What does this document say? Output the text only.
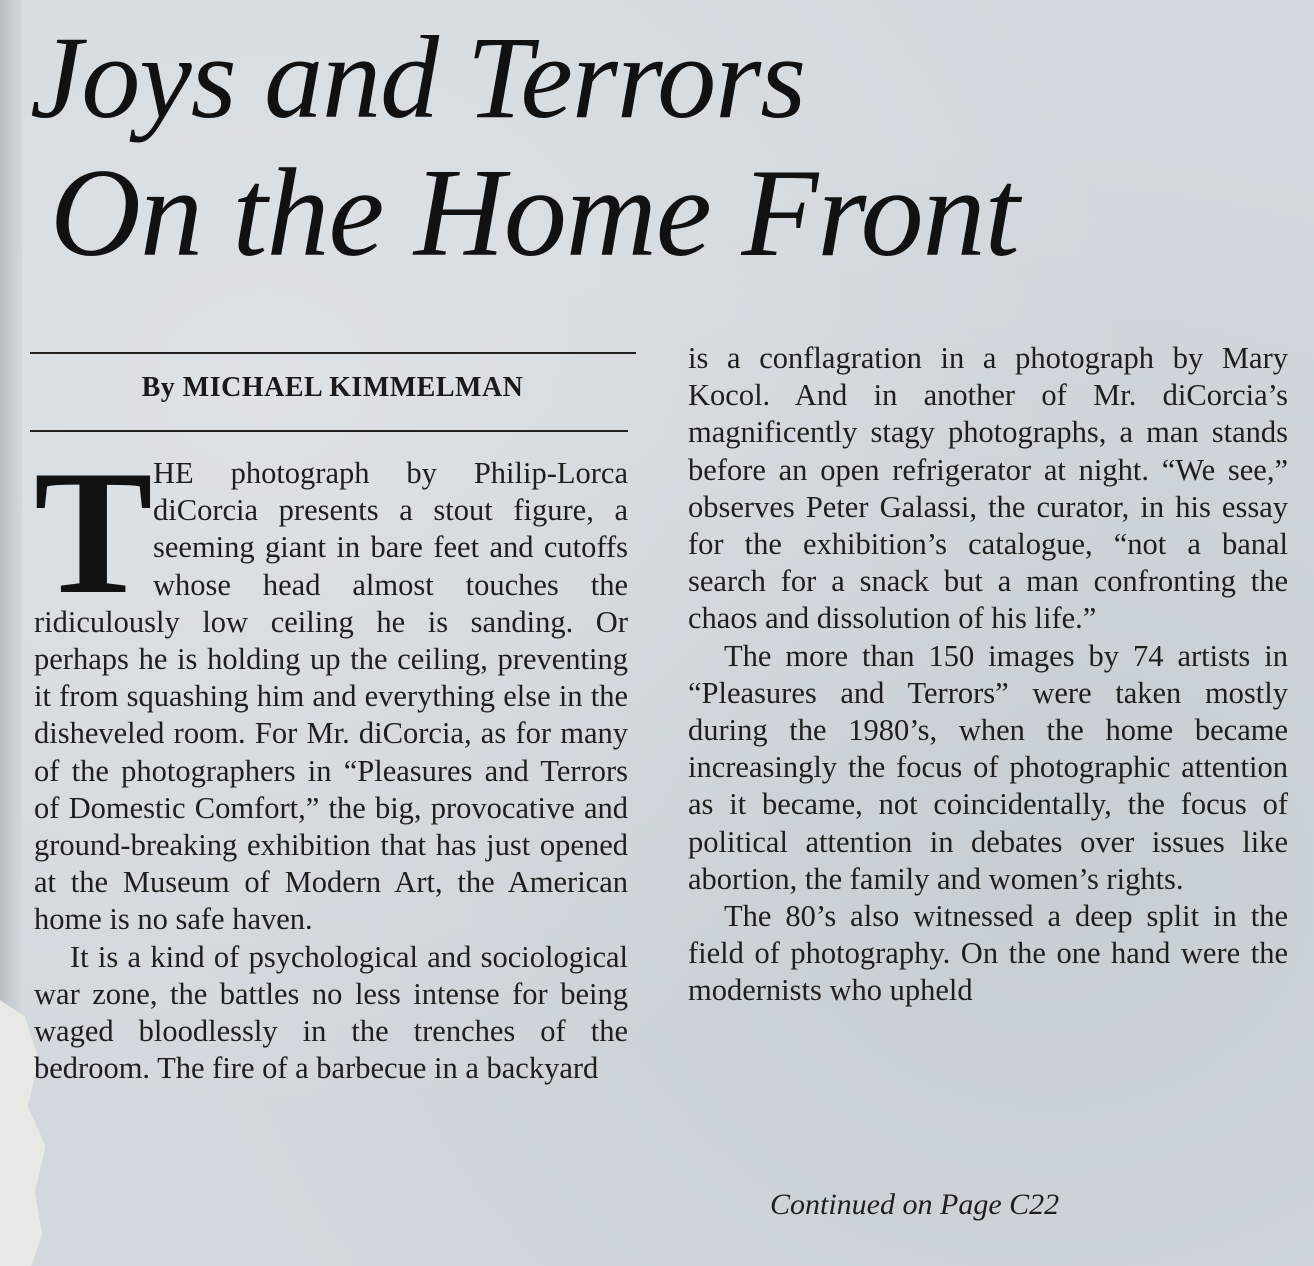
Joys and Terrors
On the Home Front
By MICHAEL KIMMELMAN

THE photograph by Philip-Lorca diCorcia presents a stout figure, a seeming giant in bare feet and cutoffs whose head almost touches the ridiculously low ceiling he is sanding. Or perhaps he is holding up the ceiling, preventing it from squashing him and everything else in the disheveled room. For Mr. diCorcia, as for many of the photographers in “Pleasures and Terrors of Domestic Comfort,” the big, provocative and ground-breaking exhibition that has just opened at the Museum of Modern Art, the American home is no safe haven.

It is a kind of psychological and sociological war zone, the battles no less intense for being waged bloodlessly in the trenches of the bedroom. The fire of a barbecue in a backyard

is a conflagration in a photograph by Mary Kocol. And in another of Mr. diCorcia’s magnificently stagy photographs, a man stands before an open refrigerator at night. “We see,” observes Peter Galassi, the curator, in his essay for the exhibition’s catalogue, “not a banal search for a snack but a man confronting the chaos and dissolution of his life.”

The more than 150 images by 74 artists in “Pleasures and Terrors” were taken mostly during the 1980’s, when the home became increasingly the focus of photographic attention as it became, not coincidentally, the focus of political attention in debates over issues like abortion, the family and women’s rights.

The 80’s also witnessed a deep split in the field of photography. On the one hand were the modernists who upheld

Continued on Page C22
